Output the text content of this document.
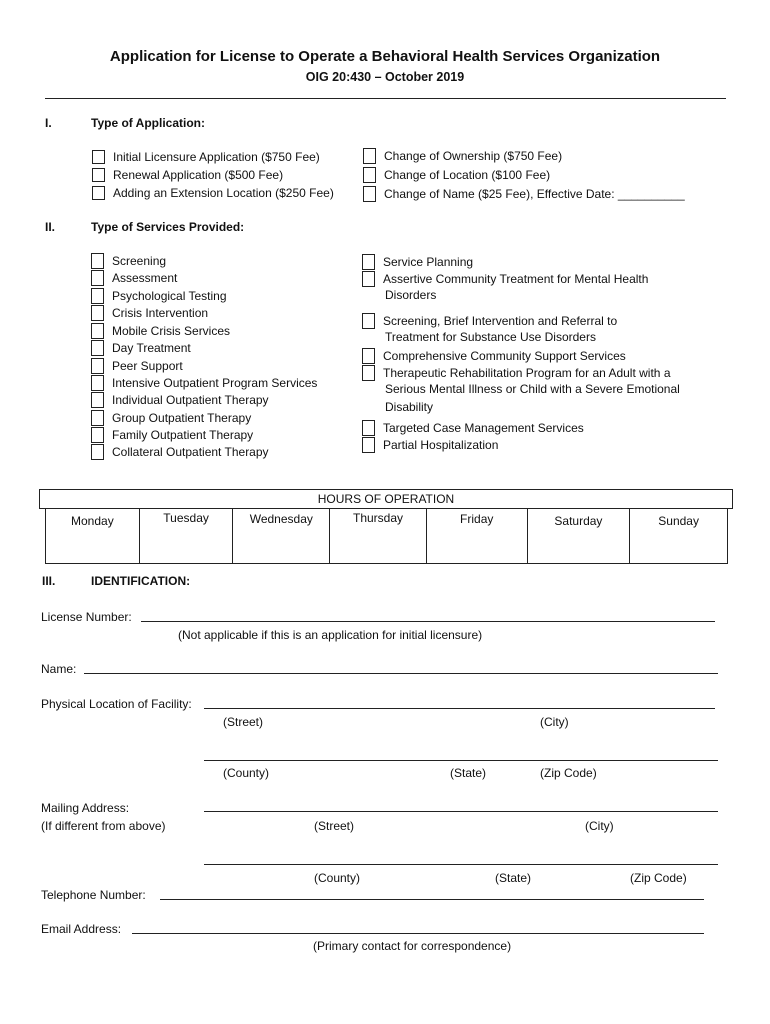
Application for License to Operate a Behavioral Health Services Organization
OIG 20:430 – October 2019
I.	Type of Application:
Initial Licensure Application ($750 Fee)
Renewal Application ($500 Fee)
Adding an Extension Location ($250 Fee)
Change of Ownership ($750 Fee)
Change of Location ($100 Fee)
Change of Name ($25 Fee), Effective Date: __________
II.	Type of Services Provided:
Screening
Assessment
Psychological Testing
Crisis Intervention
Mobile Crisis Services
Day Treatment
Peer Support
Intensive Outpatient Program Services
Individual Outpatient Therapy
Group Outpatient Therapy
Family Outpatient Therapy
Collateral Outpatient Therapy
Service Planning
Assertive Community Treatment for Mental Health
Disorders
Screening, Brief Intervention and Referral to
Treatment for Substance Use Disorders
Comprehensive Community Support Services
Therapeutic Rehabilitation Program for an Adult with a
Serious Mental Illness or Child with a Severe Emotional
Disability
Targeted Case Management Services
Partial Hospitalization
HOURS OF OPERATION
Monday	Tuesday	Wednesday	Thursday	Friday	Saturday	Sunday
III.	IDENTIFICATION:
License Number:
(Not applicable if this is an application for initial licensure)
Name:
Physical Location of Facility:
(Street)	(City)
(County)	(State)	(Zip Code)
Mailing Address:
(If different from above)	(Street)	(City)
(County)	(State)	(Zip Code)
Telephone Number:
Email Address:
(Primary contact for correspondence)
